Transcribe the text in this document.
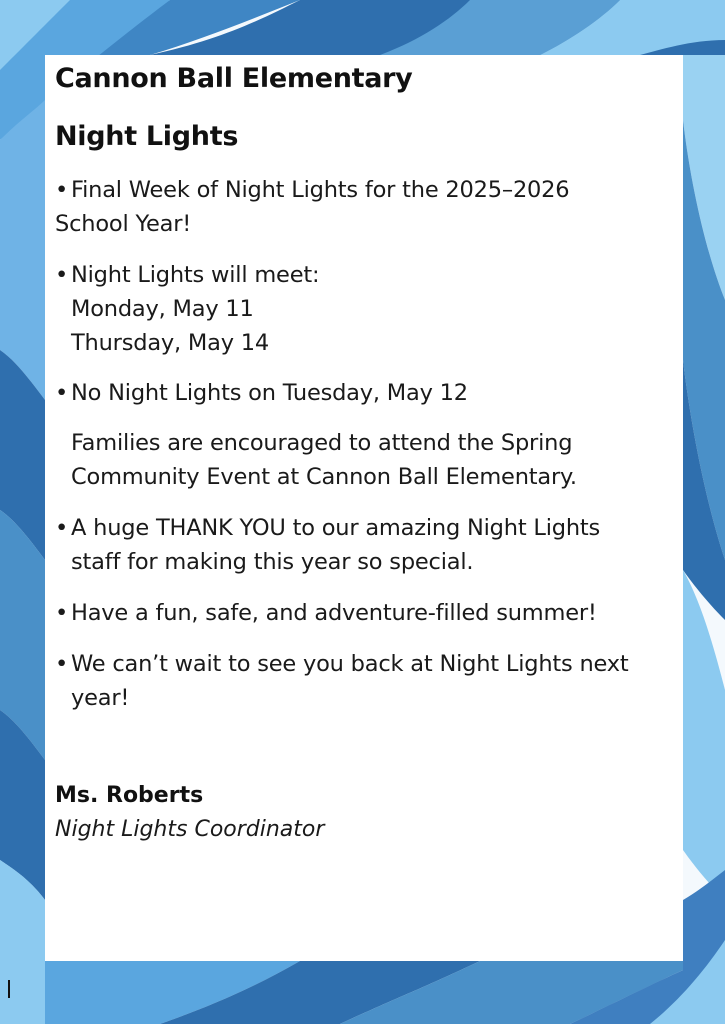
Cannon Ball Elementary
Night Lights
• Final Week of Night Lights for the 2025–2026
School Year!
• Night Lights will meet:
Monday, May 11
Thursday, May 14
• No Night Lights on Tuesday, May 12
Families are encouraged to attend the Spring
Community Event at Cannon Ball Elementary.
• A huge THANK YOU to our amazing Night Lights
staff for making this year so special.
• Have a fun, safe, and adventure-filled summer!
• We can’t wait to see you back at Night Lights next
year!
Ms. Roberts
Night Lights Coordinator
